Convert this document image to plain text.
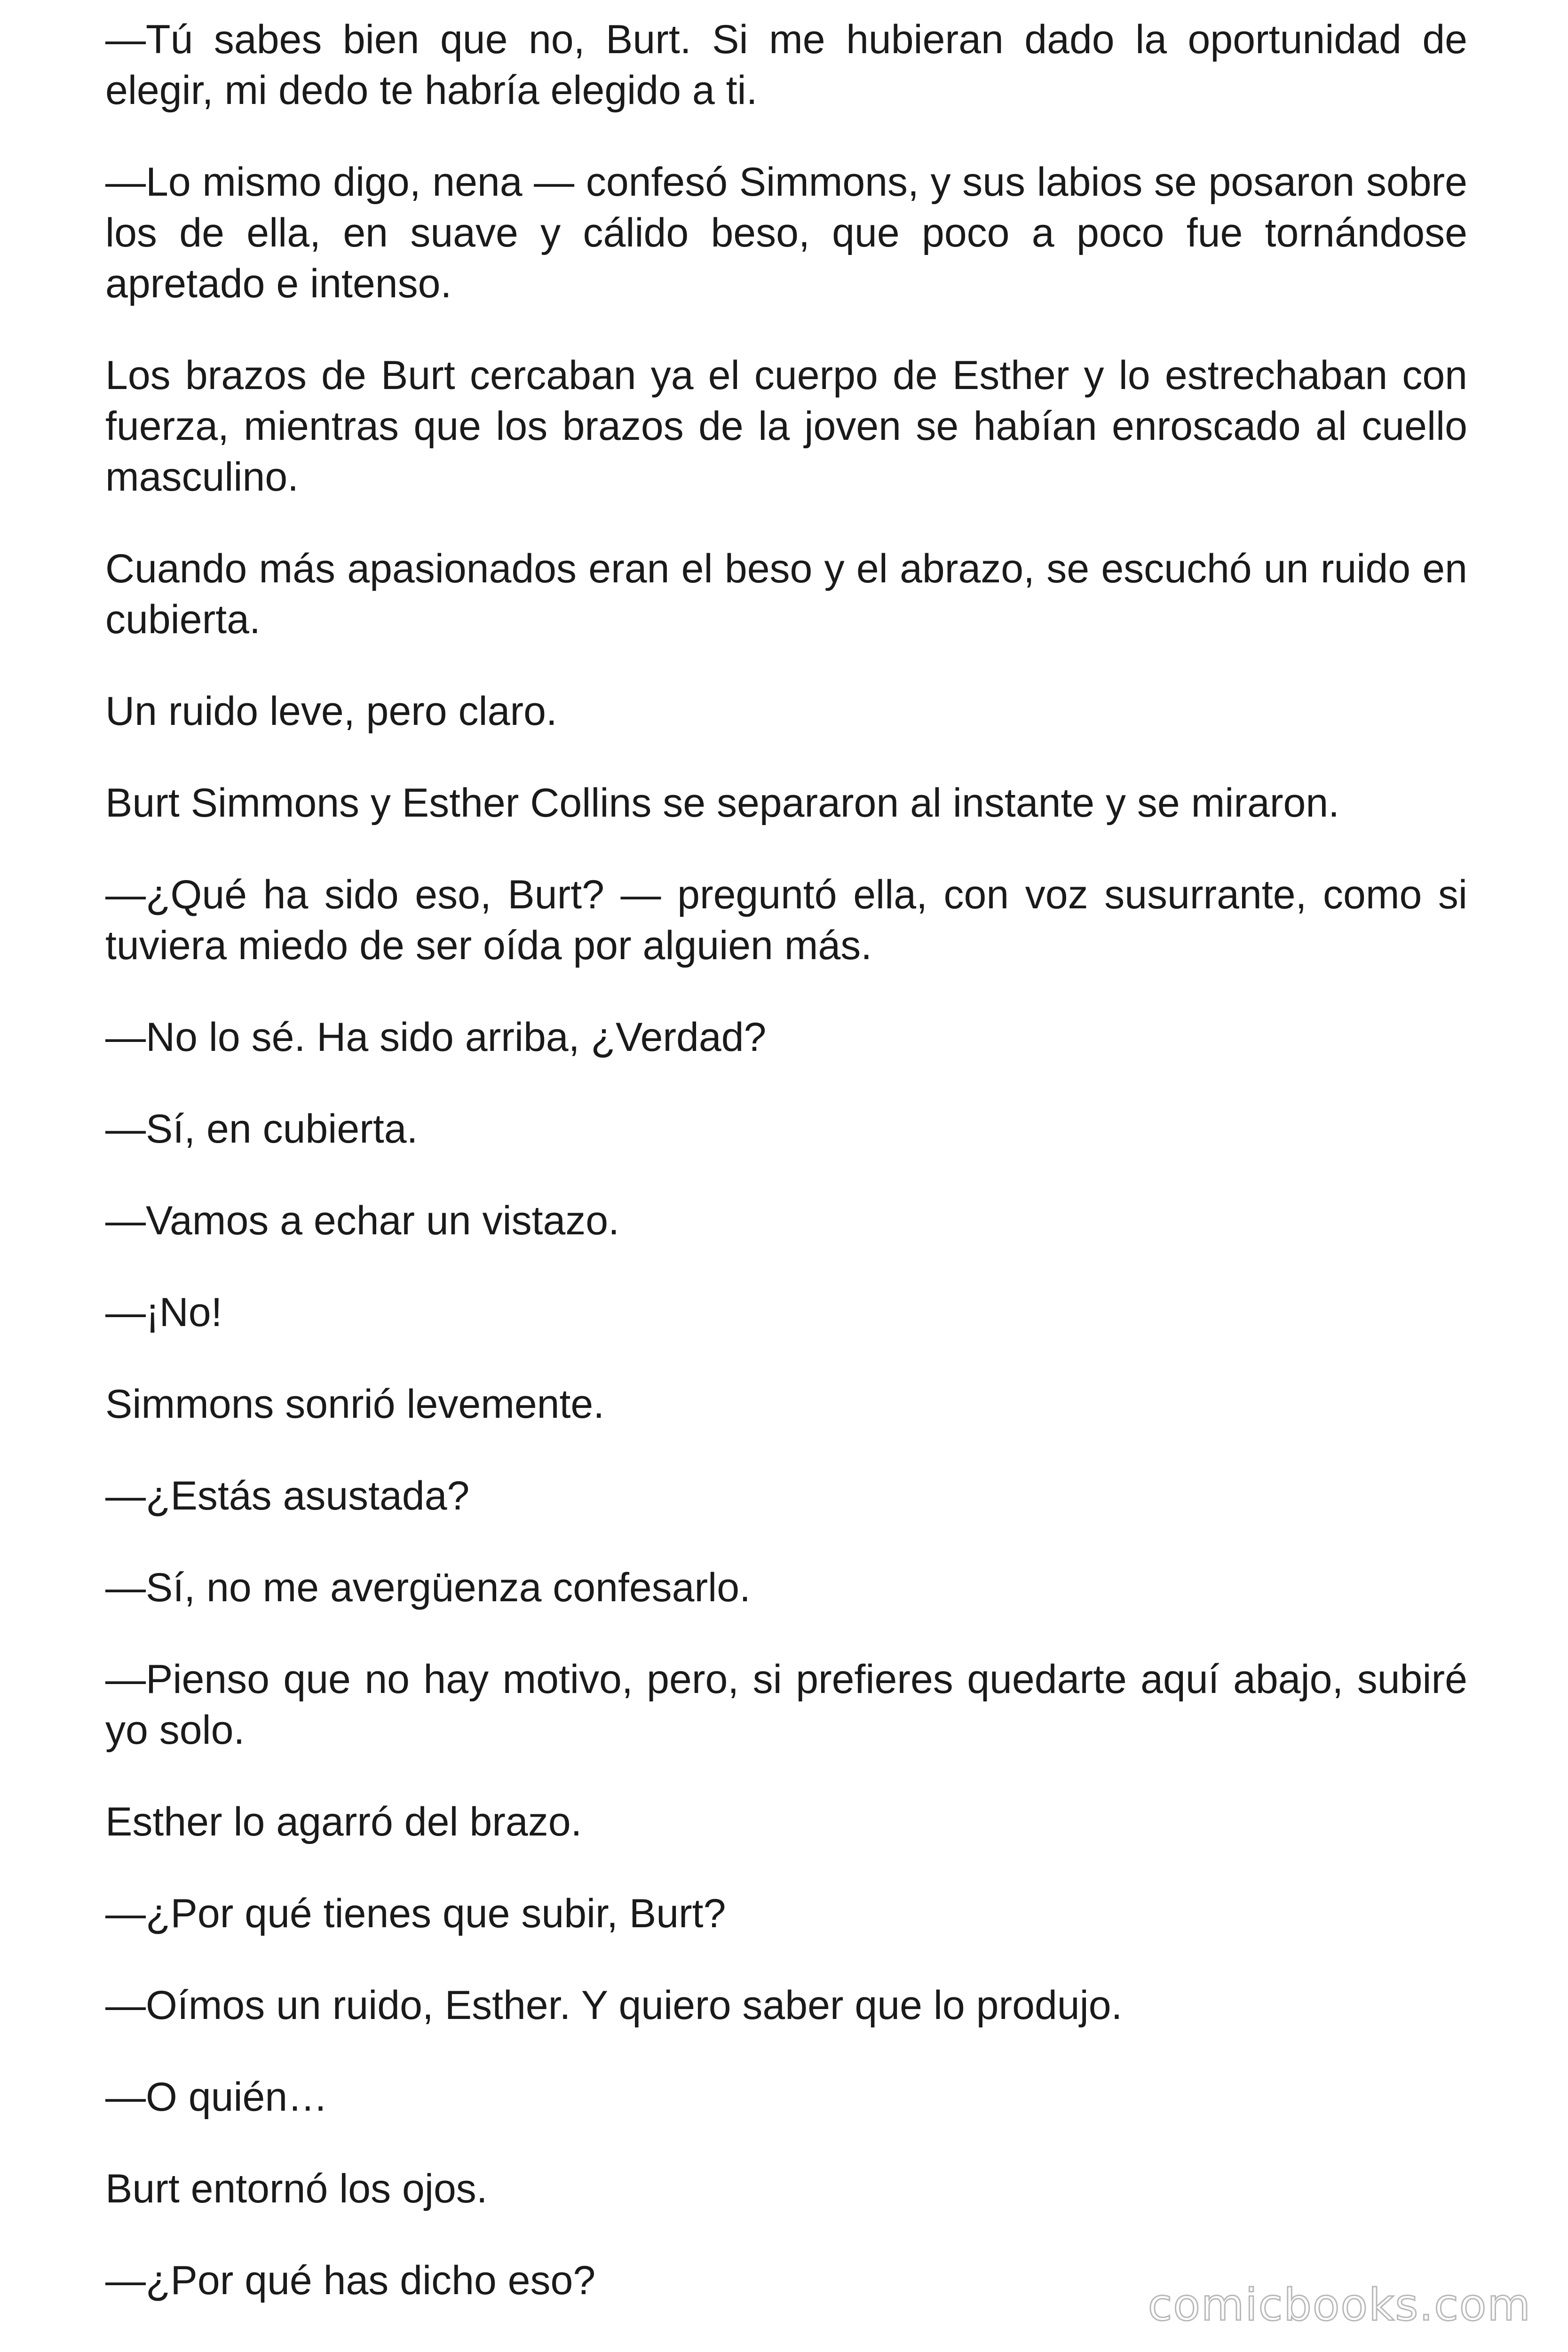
—Tú sabes bien que no, Burt. Si me hubieran dado la oportunidad de elegir, mi dedo te habría elegido a ti.

—Lo mismo digo, nena — confesó Simmons, y sus labios se posaron sobre los de ella, en suave y cálido beso, que poco a poco fue tornándose apretado e intenso.

Los brazos de Burt cercaban ya el cuerpo de Esther y lo estrechaban con fuerza, mientras que los brazos de la joven se habían enroscado al cuello masculino.

Cuando más apasionados eran el beso y el abrazo, se escuchó un ruido en cubierta.

Un ruido leve, pero claro.

Burt Simmons y Esther Collins se separaron al instante y se miraron.

—¿Qué ha sido eso, Burt? — preguntó ella, con voz susurrante, como si tuviera miedo de ser oída por alguien más.

—No lo sé. Ha sido arriba, ¿Verdad?

—Sí, en cubierta.

—Vamos a echar un vistazo.

—¡No!

Simmons sonrió levemente.

—¿Estás asustada?

—Sí, no me avergüenza confesarlo.

—Pienso que no hay motivo, pero, si prefieres quedarte aquí abajo, subiré yo solo.

Esther lo agarró del brazo.

—¿Por qué tienes que subir, Burt?

—Oímos un ruido, Esther. Y quiero saber que lo produjo.

—O quién…

Burt entornó los ojos.

—¿Por qué has dicho eso?	comicbooks.com
